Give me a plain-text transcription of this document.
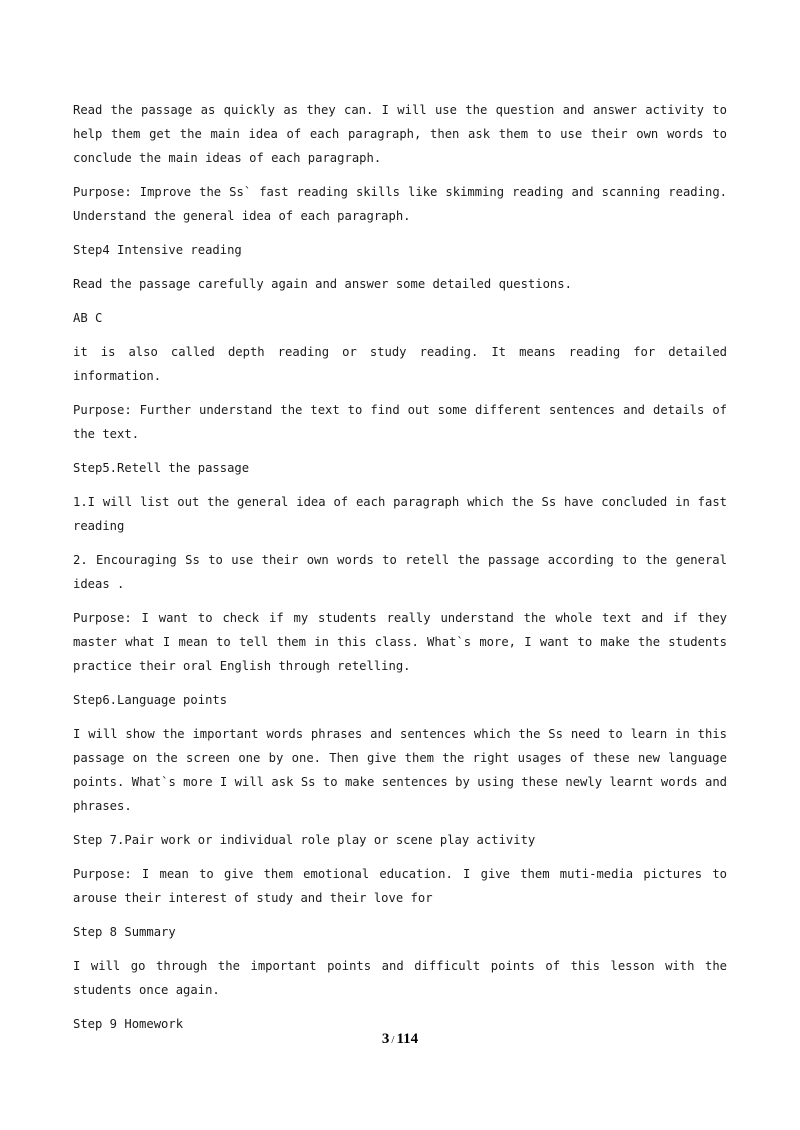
Read the passage as quickly as they can. I will use the question and answer activity to help them get the main idea of each paragraph, then ask them to use their own words to conclude the main ideas of each paragraph.

Purpose: Improve the Ss` fast reading skills like skimming reading and scanning reading. Understand the general idea of each paragraph.

Step4 Intensive reading

Read the passage carefully again and answer some detailed questions.

AB C

it is also called depth reading or study reading. It means reading for detailed information.

Purpose: Further understand the text to find out some different sentences and details of the text.

Step5.Retell the passage

1.I will list out the general idea of each paragraph which the Ss have concluded in fast reading

2. Encouraging Ss to use their own words to retell the passage according to the general ideas .

Purpose: I want to check if my students really understand the whole text and if they master what I mean to tell them in this class. What`s more, I want to make the students practice their oral English through retelling.

Step6.Language points

I will show the important words phrases and sentences which the Ss need to learn in this passage on the screen one by one. Then give them the right usages of these new language points. What`s more I will ask Ss to make sentences by using these newly learnt words and phrases.

Step 7.Pair work or individual role play or scene play activity

Purpose: I mean to give them emotional education. I give them muti-media pictures to arouse their interest of study and their love for

Step 8 Summary

I will go through the important points and difficult points of this lesson with the students once again.

Step 9 Homework

3 / 114
